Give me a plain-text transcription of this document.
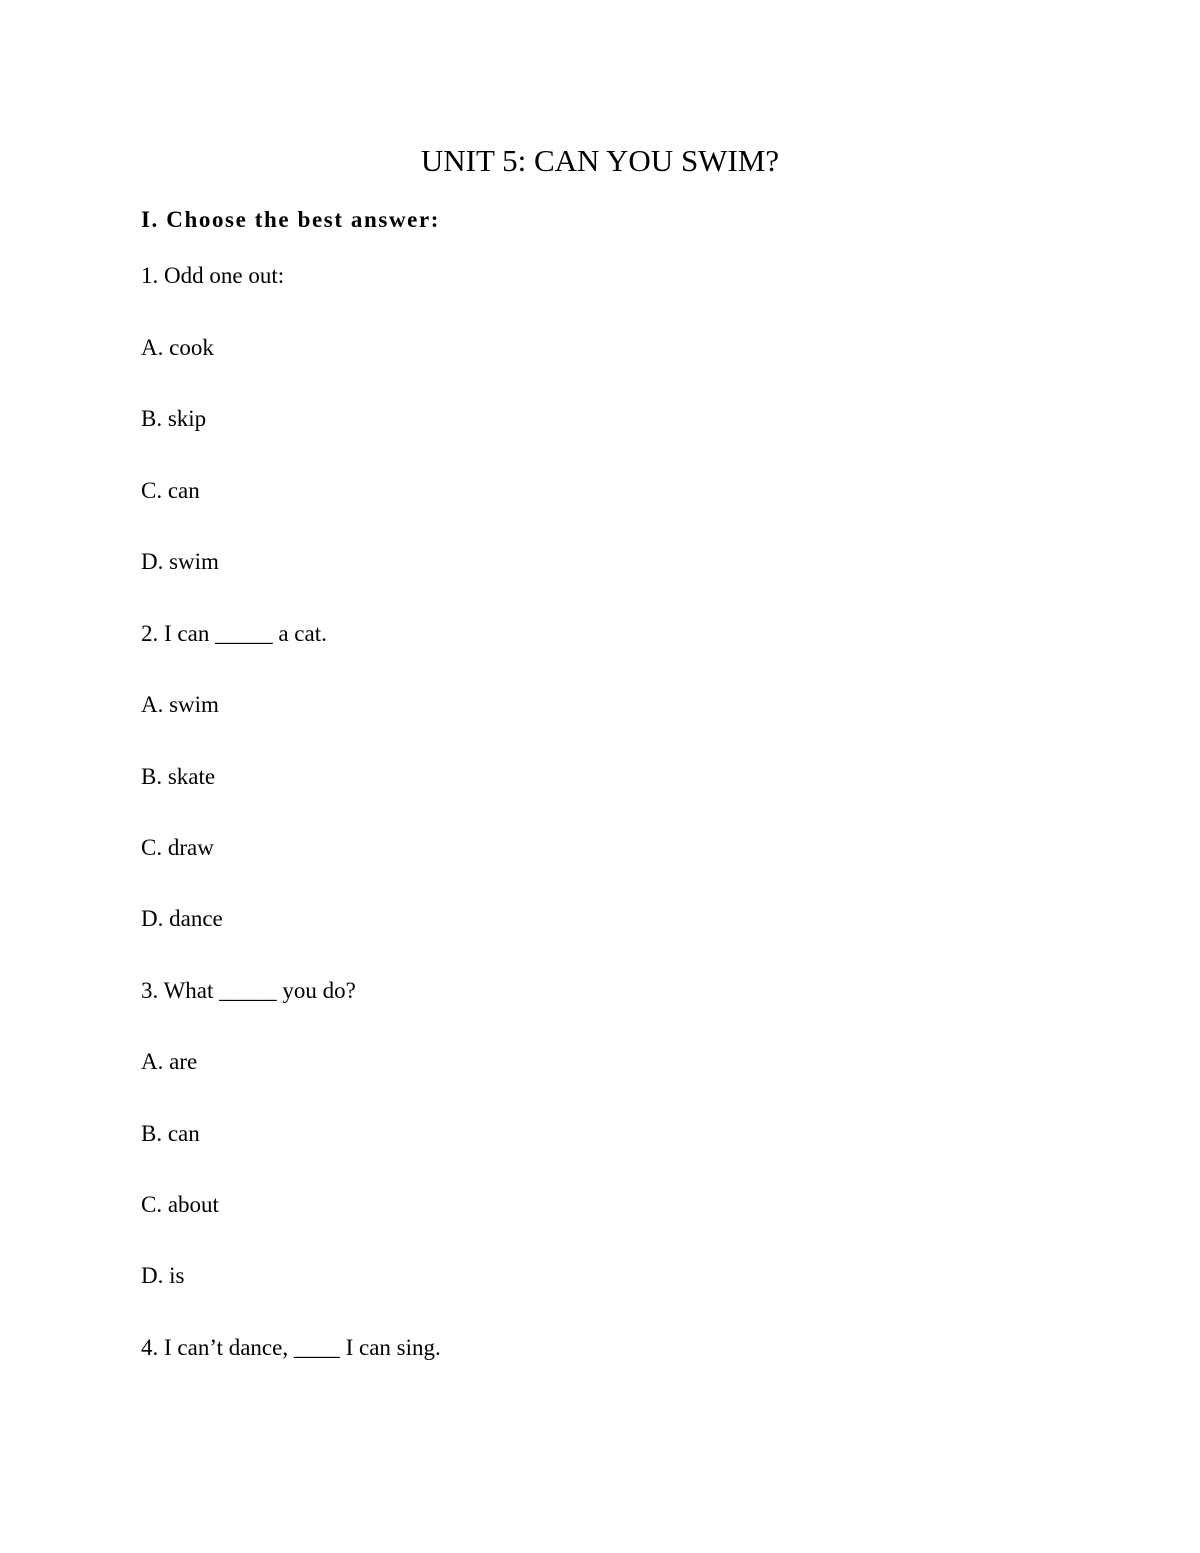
UNIT 5: CAN YOU SWIM?

I. Choose the best answer:

1. Odd one out:

A. cook

B. skip

C. can

D. swim

2. I can _____ a cat.

A. swim

B. skate

C. draw

D. dance

3. What _____ you do?

A. are

B. can

C. about

D. is

4. I can’t dance, ____ I can sing.
